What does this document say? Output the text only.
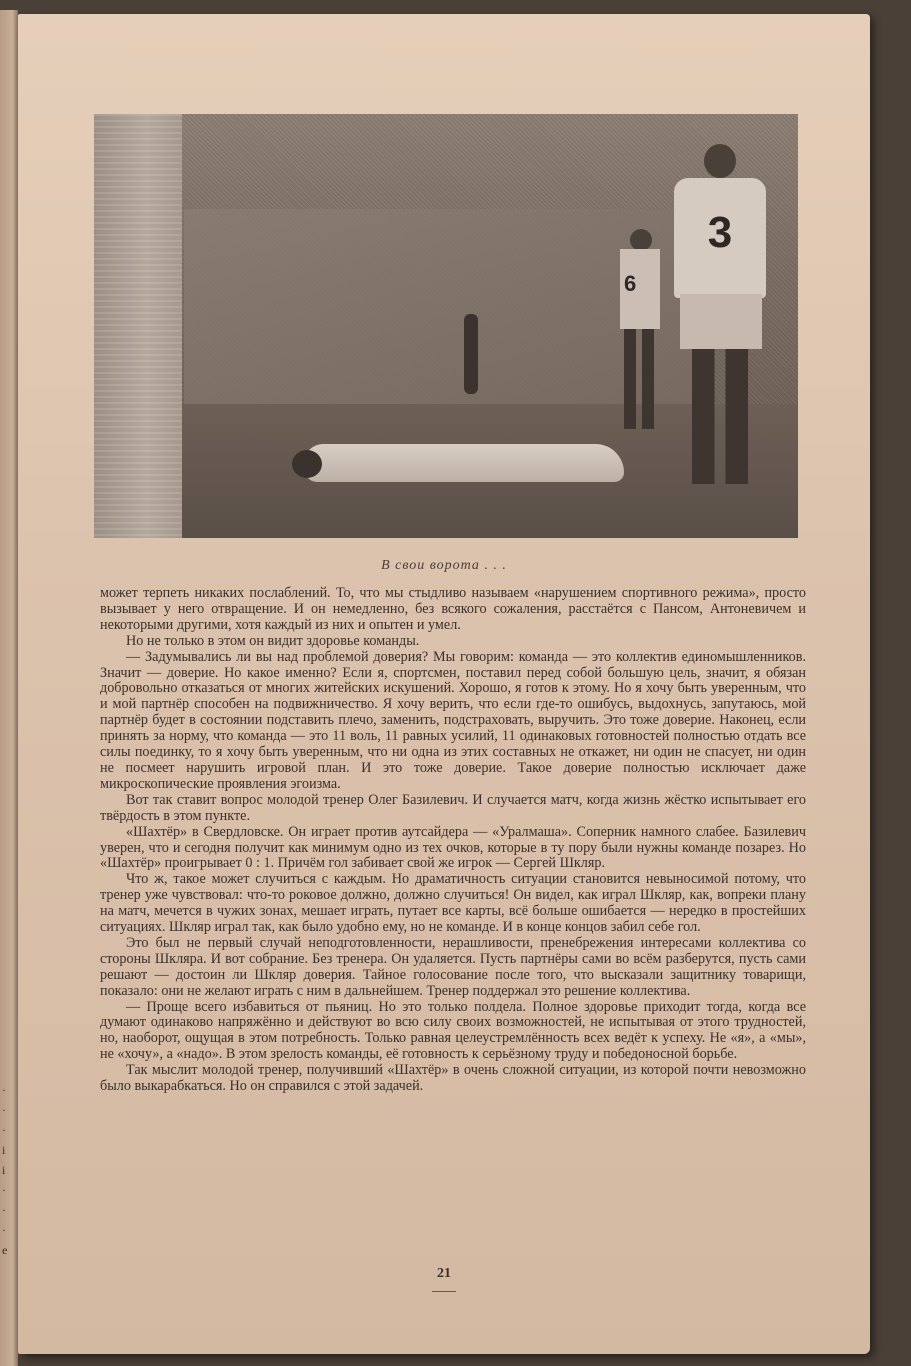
·
·
·
і
і
·
·
·
е
6
3
В свои ворота . . .

может терпеть никаких послаблений. То, что мы стыдливо называем «нарушением спортивного режима», просто вызывает у него отвращение. И он немедленно, без всякого сожаления, расстаётся с Пансом, Антоневичем и некоторыми другими, хотя каждый из них и опытен и умел.

Но не только в этом он видит здоровье команды.

— Задумывались ли вы над проблемой доверия? Мы говорим: команда — это коллектив единомышленников. Значит — доверие. Но какое именно? Если я, спортсмен, поставил перед собой большую цель, значит, я обязан добровольно отказаться от многих житейских искушений. Хорошо, я готов к этому. Но я хочу быть уверенным, что и мой партнёр способен на подвижничество. Я хочу верить, что если где-то ошибусь, выдохнусь, запутаюсь, мой партнёр будет в состоянии подставить плечо, заменить, подстраховать, выручить. Это тоже доверие. Наконец, если принять за норму, что команда — это 11 воль, 11 равных усилий, 11 одинаковых готовностей полностью отдать все силы поединку, то я хочу быть уверенным, что ни одна из этих составных не откажет, ни один не спасует, ни один не посмеет нарушить игровой план. И это тоже доверие. Такое доверие полностью исключает даже микроскопические проявления эгоизма.

Вот так ставит вопрос молодой тренер Олег Базилевич. И случается матч, когда жизнь жёстко испытывает его твёрдость в этом пункте.

«Шахтёр» в Свердловске. Он играет против аутсайдера — «Уралмаша». Соперник намного слабее. Базилевич уверен, что и сегодня получит как минимум одно из тех очков, которые в ту пору были нужны команде позарез. Но «Шахтёр» проигрывает 0 : 1. Причём гол забивает свой же игрок — Сергей Шкляр.

Что ж, такое может случиться с каждым. Но драматичность ситуации становится невыносимой потому, что тренер уже чувствовал: что-то роковое должно, должно случиться! Он видел, как играл Шкляр, как, вопреки плану на матч, мечется в чужих зонах, мешает играть, путает все карты, всё больше ошибается — нередко в простейших ситуациях. Шкляр играл так, как было удобно ему, но не команде. И в конце концов забил себе гол.

Это был не первый случай неподготовленности, нерашливости, пренебрежения интересами коллектива со стороны Шкляра. И вот собрание. Без тренера. Он удаляется. Пусть партнёры сами во всём разберутся, пусть сами решают — достоин ли Шкляр доверия. Тайное голосование после того, что высказали защитнику товарищи, показало: они не желают играть с ним в дальнейшем. Тренер поддержал это решение коллектива.

— Проще всего избавиться от пьяниц. Но это только полдела. Полное здоровье приходит тогда, когда все думают одинаково напряжённо и действуют во всю силу своих возможностей, не испытывая от этого трудностей, но, наоборот, ощущая в этом потребность. Только равная целеустремлённость всех ведёт к успеху. Не «я», а «мы», не «хочу», а «надо». В этом зрелость команды, её готовность к серьёзному труду и победоносной борьбе.

Так мыслит молодой тренер, получивший «Шахтёр» в очень сложной ситуации, из которой почти невозможно было выкарабкаться. Но он справился с этой задачей.

21
